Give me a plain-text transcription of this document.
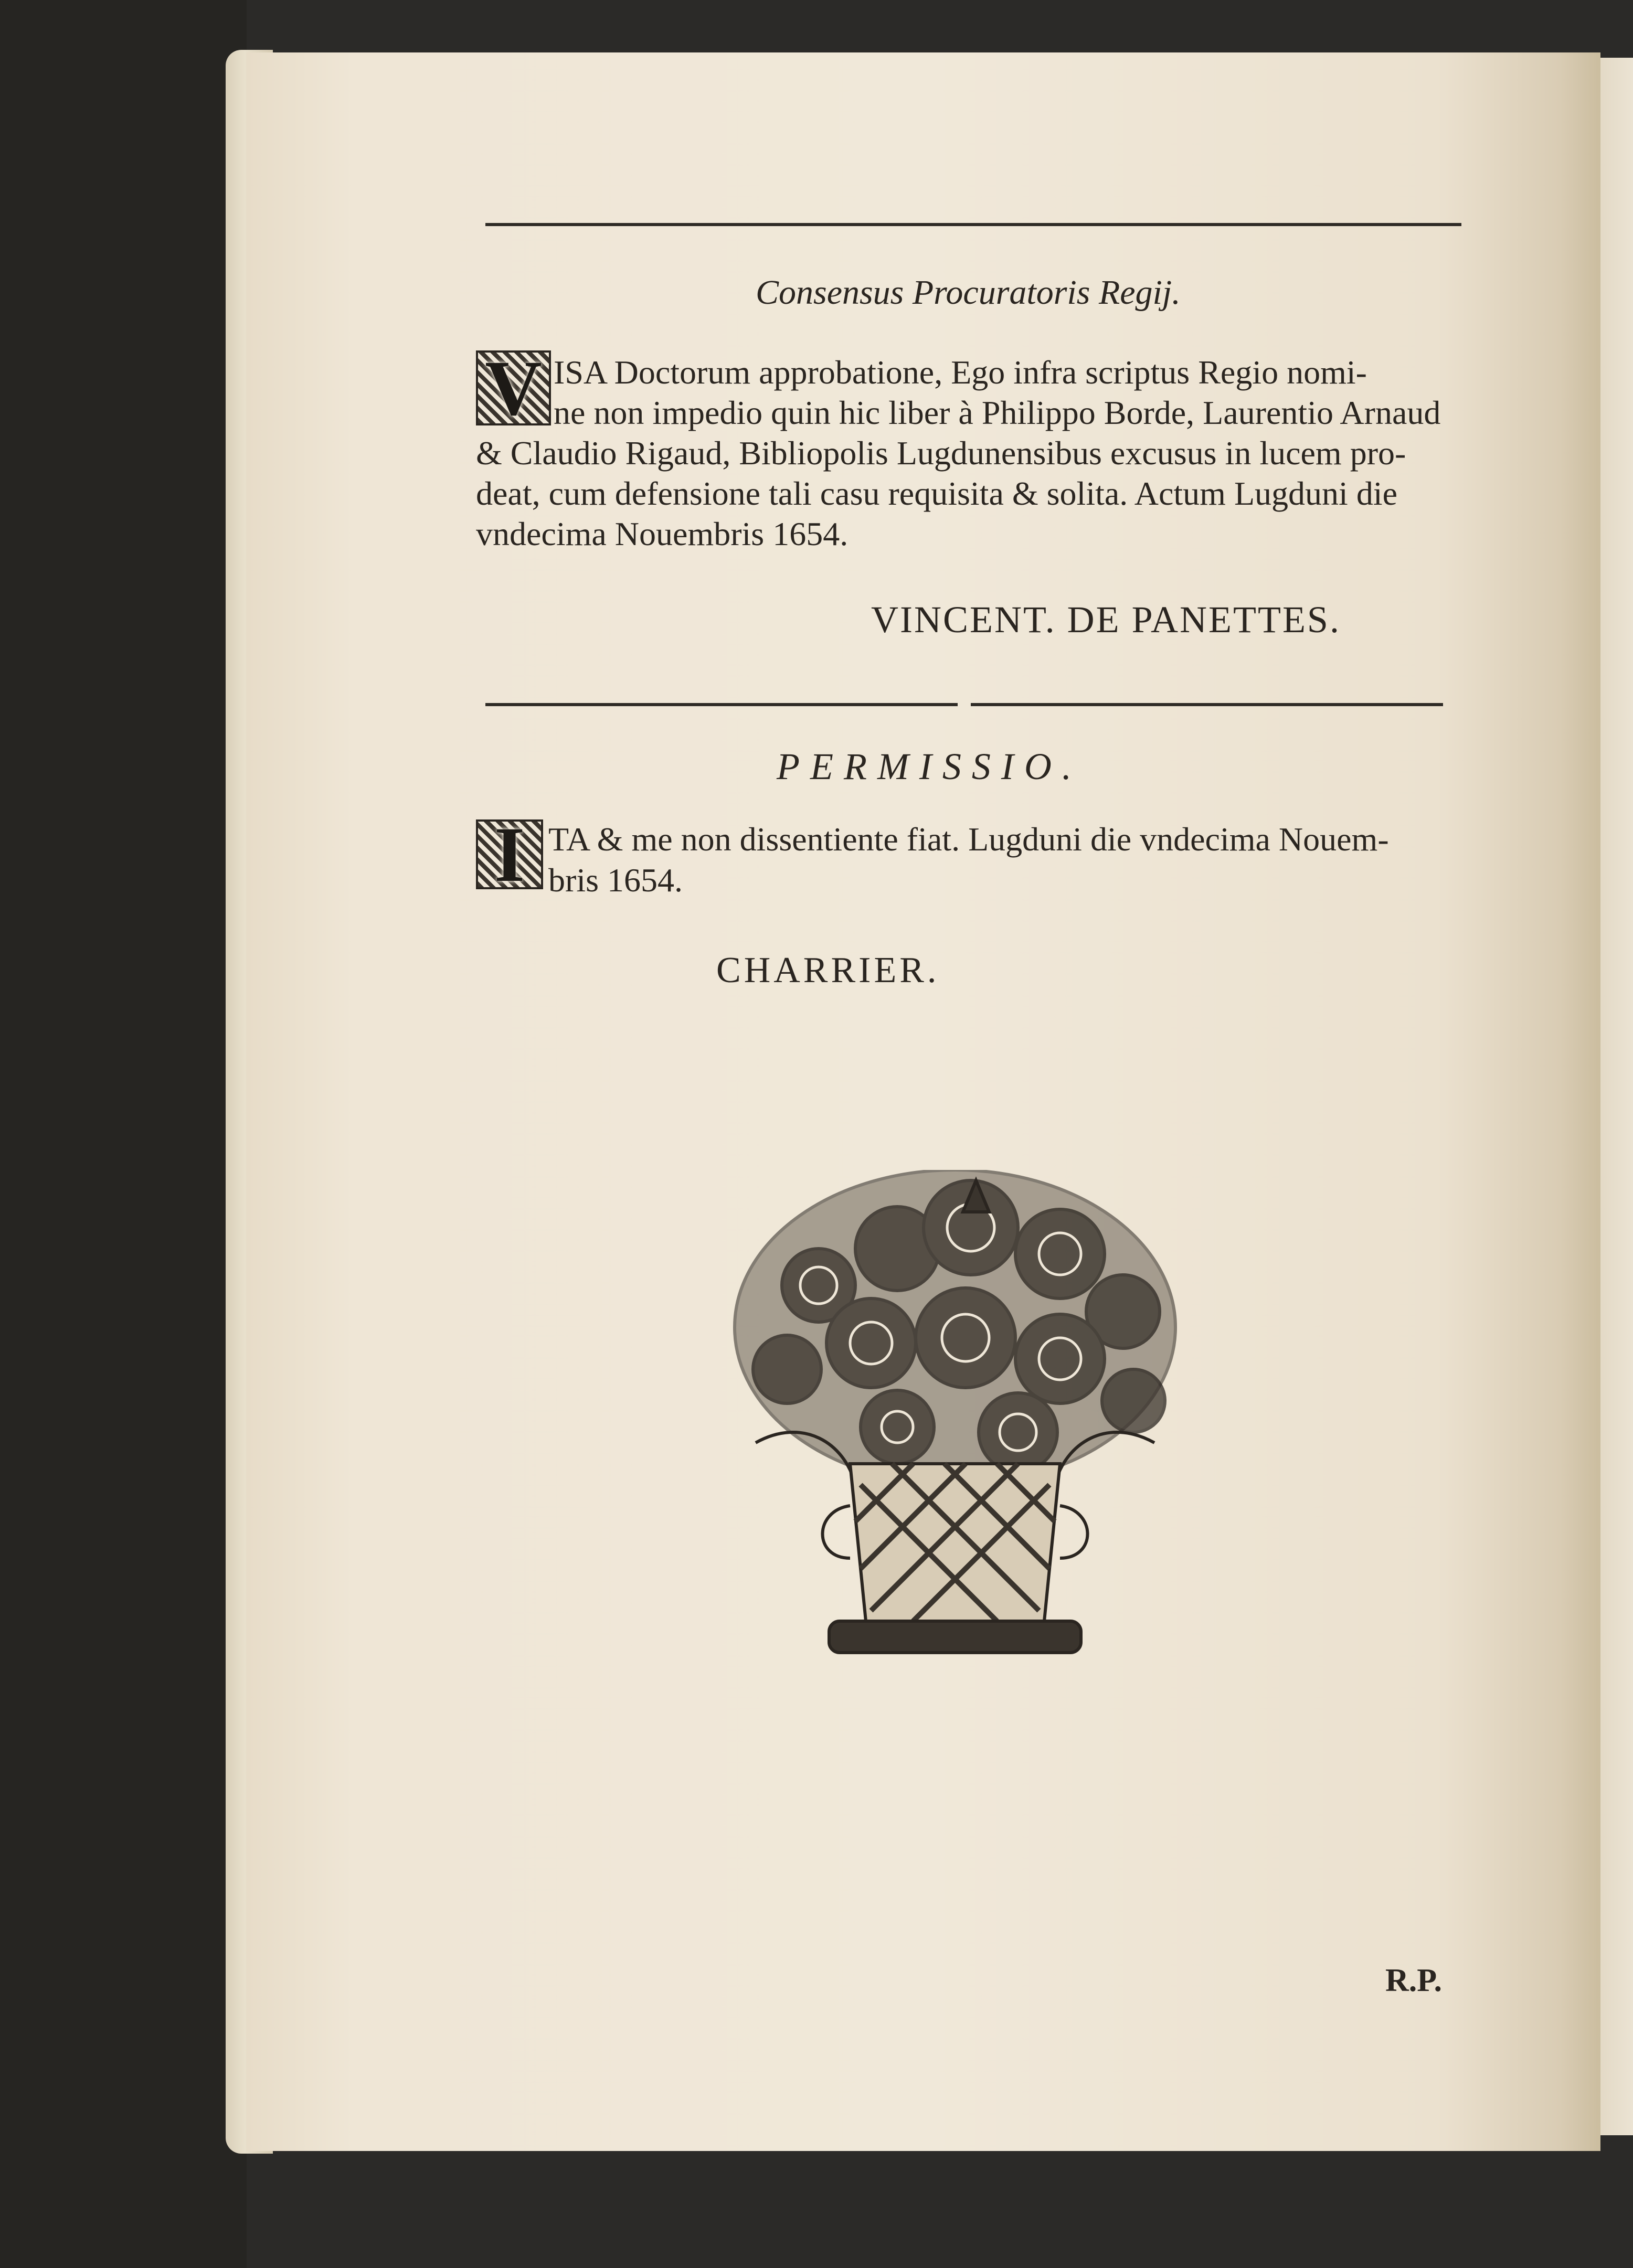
Consensus Procuratoris Regij.
V ISA Doctorum approbatione, Ego infra scriptus Regio nomi-
ne non impedio quin hic liber à Philippo Borde, Laurentio Arnaud
& Claudio Rigaud, Bibliopolis Lugdunensibus excusus in lucem pro-
deat, cum defensione tali casu requisita & solita. Actum Lugduni die
vndecima Nouembris 1654.
VINCENT. DE PANETTES.
PERMISSIO.
I TA & me non dissentiente fiat. Lugduni die vndecima Nouem-
bris 1654.
CHARRIER.
R.P.
